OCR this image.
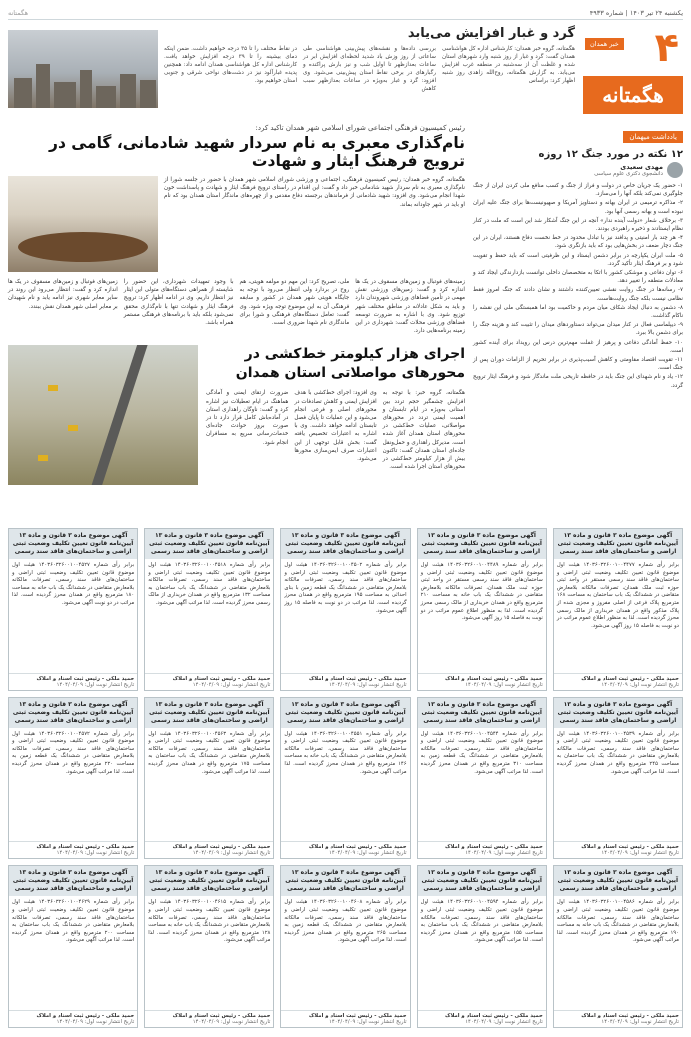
یکشنبه ۲۴ تیر ۱۴۰۳ | شماره ۴۹۳۳
هگمتانه
۴
خبر همدان
هگمتانه
گرد و غبار افزایش می‌یابد

هگمتانه، گروه خبر همدان: کارشناس اداره کل هواشناسی همدان گفت: گرد و غبار از روز شنبه وارد شهرهای استان شده و غلظت آن از سه‌شنبه در منطقه غرب افزایش می‌یابد. به گزارش هگمتانه، روح‌الله زاهدی روز شنبه اظهار کرد: براساس

بررسی داده‌ها و نقشه‌های پیش‌بینی هواشناسی طی ساعاتی از روز وزش باد شدید لحظه‌ای افزایش ابر در ساعات بعدازظهر تا اوایل شب و نیز بارش پراکنده و رگبارهای در برخی نقاط استان پیش‌بینی می‌شود. وی افزود: گرد و غبار به‌ویژه در ساعات بعدازظهر سبب کاهش

در نقاط مختلف را تا ۳۵ درجه خواهیم داشت. ضمن اینکه دمای بیشینه را تا ۳۹ درجه افزایش خواهد یافت. کارشناس اداره کل هواشناسی همدان ادامه داد: همچنین پدیده غبارآلود نیز در دشت‌های نواحی شرقی و جنوبی استان خواهیم بود.

یادداشت میهمان
۱۲ نکته در مورد جنگ ۱۲ روزه
مهدی سعیدی
دانشجوی دکتری علوم سیاسی

۱- حضور یک جریان خاص در دولت و فراز از جنگ و کسب منافع ملی کردن ایران از جنگ جلوگیری نمی‌کند بلکه آنها را می‌سازد.

۲- مذاکره ترمیمی در ایران بهانه و دستاویز آمریکا و صهیونیست‌ها برای جنگ علیه ایران نبوده است و بهانه رسمی آنها بود.

۳- برخلاف شعار «دولت آینده ندار» آنچه در این جنگ آشکار شد این است که ملت در کنار نظام ایستادند و ذخیره راهبردی بودند.

۴- هر چند بار امنیتی و پدافند نیز با تبادل محدود در خط نخست دفاع هستند، ایران در این جنگ دچار ضعف در بخش‌هایی بود که باید بازنگری شود.

۵- ملت ایران یکپارچه در برابر دشمن ایستاد و این ظرفیتی است که باید حفظ و تقویت شود و بر فرهنگ ایثار تأکید گردد.

۶- توان دفاعی و موشکی کشور با اتکا به متخصصان داخلی توانست بازدارندگی ایجاد کند و معادلات منطقه را تغییر دهد.

۷- رسانه‌ها در جنگ روایت نقشی تعیین‌کننده داشتند و نشان دادند که جنگ امروز فقط نظامی نیست بلکه جنگ روایت‌هاست.

۸- دشمن به دنبال ایجاد شکاف میان مردم و حاکمیت بود اما همبستگی ملی این نقشه را ناکام گذاشت.

۹- دیپلماسی فعال در کنار میدان می‌تواند دستاوردهای میدان را تثبیت کند و هزینه جنگ را برای دشمن بالا ببرد.

۱۰- حفظ آمادگی دفاعی و پرهیز از غفلت مهم‌ترین درس این رویداد برای آینده کشور است.

۱۱- تقویت اقتصاد مقاومتی و کاهش آسیب‌پذیری در برابر تحریم از الزامات دوران پس از جنگ است.

۱۲- یاد و نام شهدای این جنگ باید در حافظه تاریخی ملت ماندگار شود و فرهنگ ایثار ترویج گردد.

رئیس کمیسیون فرهنگی اجتماعی شورای اسلامی شهر همدان تاکید کرد:
نام‌گذاری معبری به نام سردار شهید شادمانی، گامی در ترویج فرهنگ ایثار و شهادت

هگمتانه، گروه خبر همدان: رئیس کمیسیون فرهنگی، اجتماعی و ورزشی شورای اسلامی شهر همدان با حضور در جلسه شورا از نام‌گذاری معبری به نام سردار شهید شادمانی خبر داد و گفت: این اقدام در راستای ترویج فرهنگ ایثار و شهادت و پاسداشت خون شهدا انجام می‌شود. وی افزود: شهید شادمانی از فرماندهان برجسته دفاع مقدس و از چهره‌های ماندگار استان همدان بود که نام او باید در شهر جاودانه بماند.

زمینه‌های فوتبال و زمین‌های مسقوف در یک ها اندازه کرد و گفت: زمین‌های ورزشی نقش مهمی در تأمین فضاهای ورزشی شهروندان دارد و باید به شکل عادلانه در مناطق مختلف شهر توزیع شود. وی با اشاره به ضرورت توسعه فضاهای ورزشی محلات گفت: شهرداری در این زمینه برنامه‌هایی دارد.

ملی، تصریح کرد: این مهم دو مولفه هویتی، هم روح در بردارد ولی انتظار می‌رود با توجه به جایگاه هویتی شهر همدان در کشور و سابقه فرهنگی آن به این موضوع توجه ویژه شود. وی گفت: تعامل دستگاه‌های فرهنگی و شورا برای ماندگاری نام شهدا ضروری است.

با وجود تمهیدات شهرداری، این حضور را شایسته از همراهی دستگاه‌های متولی این ایثار نیز انتظار داریم. وی در ادامه اظهار کرد: ترویج فرهنگ ایثار و شهادت تنها با نام‌گذاری محقق نمی‌شود بلکه باید با برنامه‌های فرهنگی مستمر همراه باشد.

زمین‌های فوتبال و زمین‌های مسقوف در یک ها اندازه کرد و گفت: انتظار می‌رود این روند در سایر معابر شهری نیز ادامه یابد و نام شهیدان بر معابر اصلی شهر همدان نقش ببندد.

اجرای هزار کیلومتر خط‌کشی در محورهای مواصلاتی استان همدان

هگمتانه، گروه خبر: با توجه به افزایش چشمگیر حجم تردد بین استانی به‌ویژه در ایام تابستان و اهمیت ایمنی تردد در محورهای مواصلاتی، عملیات خط‌کشی در محورهای استان همدان آغاز شده است. مدیرکل راهداری و حمل‌ونقل جاده‌ای استان همدان گفت: تاکنون بیش از هزار کیلومتر خط‌کشی در محورهای استان اجرا شده است.

وی افزود: اجرای خط‌کشی با هدف افزایش ایمنی و کاهش تصادفات در محورهای اصلی و فرعی انجام می‌شود و این عملیات تا پایان فصل تابستان ادامه خواهد داشت. وی با اشاره به اعتبارات تخصیص یافته گفت: بخش قابل توجهی از این اعتبارات صرف ایمن‌سازی محورها می‌شود.

ضرورت ارتقای ایمنی و آمادگی هماهنگ در ایام تعطیلات نیز اشاره کرد و گفت: ناوگان راهداری استان در آماده‌باش کامل قرار دارد تا در صورت بروز حوادث جاده‌ای خدمات‌رسانی سریع به مسافران انجام شود.

آگهی موضوع ماده ۳ قانون و ماده ۱۳ آیین‌نامه قانون تعیین تکلیف وضعیت ثبتی اراضی و ساختمان‌های فاقد سند رسمی
برابر رأی شماره ۱۴۰۳۶۰۳۲۶۰۰۱۰۰۴۴۷۷ هیئت اول موضوع قانون تعیین تکلیف وضعیت ثبتی اراضی و ساختمان‌های فاقد سند رسمی مستقر در واحد ثبتی حوزه ثبت ملک همدان، تصرفات مالکانه بلامعارض متقاضی در ششدانگ یک باب ساختمان به مساحت ۱۶۸ مترمربع پلاک فرعی از اصلی مفروز و مجزی شده از پلاک مذکور واقع در همدان خریداری از مالک رسمی محرز گردیده است. لذا به منظور اطلاع عموم مراتب در دو نوبت به فاصله ۱۵ روز آگهی می‌شود.
حمید ملکی - رئیس ثبت اسناد و املاک
تاریخ انتشار نوبت اول: ۱۴۰۴/۰۴/۰۹
آگهی موضوع ماده ۳ قانون و ماده ۱۳ آیین‌نامه قانون تعیین تکلیف وضعیت ثبتی اراضی و ساختمان‌های فاقد سند رسمی
برابر رأی شماره ۱۴۰۳۶۰۳۲۶۰۰۱۰۰۴۴۸۹ هیئت اول موضوع قانون تعیین تکلیف وضعیت ثبتی اراضی و ساختمان‌های فاقد سند رسمی مستقر در واحد ثبتی حوزه ثبت ملک همدان، تصرفات مالکانه بلامعارض متقاضی در ششدانگ یک باب خانه به مساحت ۲۱۰ مترمربع واقع در همدان خریداری از مالک رسمی محرز گردیده است. لذا به منظور اطلاع عموم مراتب در دو نوبت به فاصله ۱۵ روز آگهی می‌شود.
حمید ملکی - رئیس ثبت اسناد و املاک
تاریخ انتشار نوبت اول: ۱۴۰۴/۰۴/۰۹
آگهی موضوع ماده ۳ قانون و ماده ۱۳ آیین‌نامه قانون تعیین تکلیف وضعیت ثبتی اراضی و ساختمان‌های فاقد سند رسمی
برابر رأی شماره ۱۴۰۳۶۰۳۲۶۰۰۱۰۰۴۵۰۲ هیئت اول موضوع قانون تعیین تکلیف وضعیت ثبتی اراضی و ساختمان‌های فاقد سند رسمی، تصرفات مالکانه بلامعارض متقاضی در ششدانگ یک قطعه زمین با بنای احداثی به مساحت ۱۹۵ مترمربع واقع در همدان محرز گردیده است. لذا مراتب در دو نوبت به فاصله ۱۵ روز آگهی می‌شود.
حمید ملکی - رئیس ثبت اسناد و املاک
تاریخ انتشار نوبت اول: ۱۴۰۴/۰۴/۰۹
آگهی موضوع ماده ۳ قانون و ماده ۱۳ آیین‌نامه قانون تعیین تکلیف وضعیت ثبتی اراضی و ساختمان‌های فاقد سند رسمی
برابر رأی شماره ۱۴۰۳۶۰۳۲۶۰۰۱۰۰۴۵۱۸ هیئت اول موضوع قانون تعیین تکلیف وضعیت ثبتی اراضی و ساختمان‌های فاقد سند رسمی، تصرفات مالکانه بلامعارض متقاضی در ششدانگ یک باب ساختمان به مساحت ۱۳۲ مترمربع واقع در همدان خریداری از مالک رسمی محرز گردیده است. لذا مراتب آگهی می‌شود.
حمید ملکی - رئیس ثبت اسناد و املاک
تاریخ انتشار نوبت اول: ۱۴۰۴/۰۴/۰۹
آگهی موضوع ماده ۳ قانون و ماده ۱۳ آیین‌نامه قانون تعیین تکلیف وضعیت ثبتی اراضی و ساختمان‌های فاقد سند رسمی
برابر رأی شماره ۱۴۰۳۶۰۳۲۶۰۰۱۰۰۴۵۲۷ هیئت اول موضوع قانون تعیین تکلیف وضعیت ثبتی اراضی و ساختمان‌های فاقد سند رسمی، تصرفات مالکانه بلامعارض متقاضی در ششدانگ یک باب خانه به مساحت ۱۸۰ مترمربع واقع در همدان محرز گردیده است. لذا مراتب در دو نوبت آگهی می‌شود.
حمید ملکی - رئیس ثبت اسناد و املاک
تاریخ انتشار نوبت اول: ۱۴۰۴/۰۴/۰۹
آگهی موضوع ماده ۳ قانون و ماده ۱۳ آیین‌نامه قانون تعیین تکلیف وضعیت ثبتی اراضی و ساختمان‌های فاقد سند رسمی
برابر رأی شماره ۱۴۰۳۶۰۳۲۶۰۰۱۰۰۴۵۳۹ هیئت اول موضوع قانون تعیین تکلیف وضعیت ثبتی اراضی و ساختمان‌های فاقد سند رسمی، تصرفات مالکانه بلامعارض متقاضی در ششدانگ یک باب ساختمان به مساحت ۲۴۵ مترمربع واقع در همدان محرز گردیده است. لذا مراتب آگهی می‌شود.
حمید ملکی - رئیس ثبت اسناد و املاک
تاریخ انتشار نوبت اول: ۱۴۰۴/۰۴/۰۹
آگهی موضوع ماده ۳ قانون و ماده ۱۳ آیین‌نامه قانون تعیین تکلیف وضعیت ثبتی اراضی و ساختمان‌های فاقد سند رسمی
برابر رأی شماره ۱۴۰۳۶۰۳۲۶۰۰۱۰۰۴۵۴۴ هیئت اول موضوع قانون تعیین تکلیف وضعیت ثبتی اراضی و ساختمان‌های فاقد سند رسمی، تصرفات مالکانه بلامعارض متقاضی در ششدانگ یک قطعه زمین به مساحت ۳۱۰ مترمربع واقع در همدان محرز گردیده است. لذا مراتب آگهی می‌شود.
حمید ملکی - رئیس ثبت اسناد و املاک
تاریخ انتشار نوبت اول: ۱۴۰۴/۰۴/۰۹
آگهی موضوع ماده ۳ قانون و ماده ۱۳ آیین‌نامه قانون تعیین تکلیف وضعیت ثبتی اراضی و ساختمان‌های فاقد سند رسمی
برابر رأی شماره ۱۴۰۳۶۰۳۲۶۰۰۱۰۰۴۵۵۱ هیئت اول موضوع قانون تعیین تکلیف وضعیت ثبتی اراضی و ساختمان‌های فاقد سند رسمی، تصرفات مالکانه بلامعارض متقاضی در ششدانگ یک باب خانه به مساحت ۱۴۶ مترمربع واقع در همدان محرز گردیده است. لذا مراتب آگهی می‌شود.
حمید ملکی - رئیس ثبت اسناد و املاک
تاریخ انتشار نوبت اول: ۱۴۰۴/۰۴/۰۹
آگهی موضوع ماده ۳ قانون و ماده ۱۳ آیین‌نامه قانون تعیین تکلیف وضعیت ثبتی اراضی و ساختمان‌های فاقد سند رسمی
برابر رأی شماره ۱۴۰۳۶۰۳۲۶۰۰۱۰۰۴۵۶۳ هیئت اول موضوع قانون تعیین تکلیف وضعیت ثبتی اراضی و ساختمان‌های فاقد سند رسمی، تصرفات مالکانه بلامعارض متقاضی در ششدانگ یک باب ساختمان به مساحت ۱۷۵ مترمربع واقع در همدان محرز گردیده است. لذا مراتب آگهی می‌شود.
حمید ملکی - رئیس ثبت اسناد و املاک
تاریخ انتشار نوبت اول: ۱۴۰۴/۰۴/۰۹
آگهی موضوع ماده ۳ قانون و ماده ۱۳ آیین‌نامه قانون تعیین تکلیف وضعیت ثبتی اراضی و ساختمان‌های فاقد سند رسمی
برابر رأی شماره ۱۴۰۳۶۰۳۲۶۰۰۱۰۰۴۵۷۲ هیئت اول موضوع قانون تعیین تکلیف وضعیت ثبتی اراضی و ساختمان‌های فاقد سند رسمی، تصرفات مالکانه بلامعارض متقاضی در ششدانگ یک قطعه زمین به مساحت ۲۲۰ مترمربع واقع در همدان محرز گردیده است. لذا مراتب آگهی می‌شود.
حمید ملکی - رئیس ثبت اسناد و املاک
تاریخ انتشار نوبت اول: ۱۴۰۴/۰۴/۰۹
آگهی موضوع ماده ۳ قانون و ماده ۱۳ آیین‌نامه قانون تعیین تکلیف وضعیت ثبتی اراضی و ساختمان‌های فاقد سند رسمی
برابر رأی شماره ۱۴۰۳۶۰۳۲۶۰۰۱۰۰۴۵۸۶ هیئت اول موضوع قانون تعیین تکلیف وضعیت ثبتی اراضی و ساختمان‌های فاقد سند رسمی، تصرفات مالکانه بلامعارض متقاضی در ششدانگ یک باب خانه به مساحت ۱۹۰ مترمربع واقع در همدان محرز گردیده است. لذا مراتب آگهی می‌شود.
حمید ملکی - رئیس ثبت اسناد و املاک
تاریخ انتشار نوبت اول: ۱۴۰۴/۰۴/۰۹
آگهی موضوع ماده ۳ قانون و ماده ۱۳ آیین‌نامه قانون تعیین تکلیف وضعیت ثبتی اراضی و ساختمان‌های فاقد سند رسمی
برابر رأی شماره ۱۴۰۳۶۰۳۲۶۰۰۱۰۰۴۵۹۴ هیئت اول موضوع قانون تعیین تکلیف وضعیت ثبتی اراضی و ساختمان‌های فاقد سند رسمی، تصرفات مالکانه بلامعارض متقاضی در ششدانگ یک باب ساختمان به مساحت ۱۵۵ مترمربع واقع در همدان محرز گردیده است. لذا مراتب آگهی می‌شود.
حمید ملکی - رئیس ثبت اسناد و املاک
تاریخ انتشار نوبت اول: ۱۴۰۴/۰۴/۰۹
آگهی موضوع ماده ۳ قانون و ماده ۱۳ آیین‌نامه قانون تعیین تکلیف وضعیت ثبتی اراضی و ساختمان‌های فاقد سند رسمی
برابر رأی شماره ۱۴۰۳۶۰۳۲۶۰۰۱۰۰۴۶۰۸ هیئت اول موضوع قانون تعیین تکلیف وضعیت ثبتی اراضی و ساختمان‌های فاقد سند رسمی، تصرفات مالکانه بلامعارض متقاضی در ششدانگ یک قطعه زمین به مساحت ۲۶۵ مترمربع واقع در همدان محرز گردیده است. لذا مراتب آگهی می‌شود.
حمید ملکی - رئیس ثبت اسناد و املاک
تاریخ انتشار نوبت اول: ۱۴۰۴/۰۴/۰۹
آگهی موضوع ماده ۳ قانون و ماده ۱۳ آیین‌نامه قانون تعیین تکلیف وضعیت ثبتی اراضی و ساختمان‌های فاقد سند رسمی
برابر رأی شماره ۱۴۰۳۶۰۳۲۶۰۰۱۰۰۴۶۱۵ هیئت اول موضوع قانون تعیین تکلیف وضعیت ثبتی اراضی و ساختمان‌های فاقد سند رسمی، تصرفات مالکانه بلامعارض متقاضی در ششدانگ یک باب خانه به مساحت ۱۲۸ مترمربع واقع در همدان محرز گردیده است. لذا مراتب آگهی می‌شود.
حمید ملکی - رئیس ثبت اسناد و املاک
تاریخ انتشار نوبت اول: ۱۴۰۴/۰۴/۰۹
آگهی موضوع ماده ۳ قانون و ماده ۱۳ آیین‌نامه قانون تعیین تکلیف وضعیت ثبتی اراضی و ساختمان‌های فاقد سند رسمی
برابر رأی شماره ۱۴۰۳۶۰۳۲۶۰۰۱۰۰۴۶۲۹ هیئت اول موضوع قانون تعیین تکلیف وضعیت ثبتی اراضی و ساختمان‌های فاقد سند رسمی، تصرفات مالکانه بلامعارض متقاضی در ششدانگ یک باب ساختمان به مساحت ۲۰۰ مترمربع واقع در همدان محرز گردیده است. لذا مراتب آگهی می‌شود.
حمید ملکی - رئیس ثبت اسناد و املاک
تاریخ انتشار نوبت اول: ۱۴۰۴/۰۴/۰۹
